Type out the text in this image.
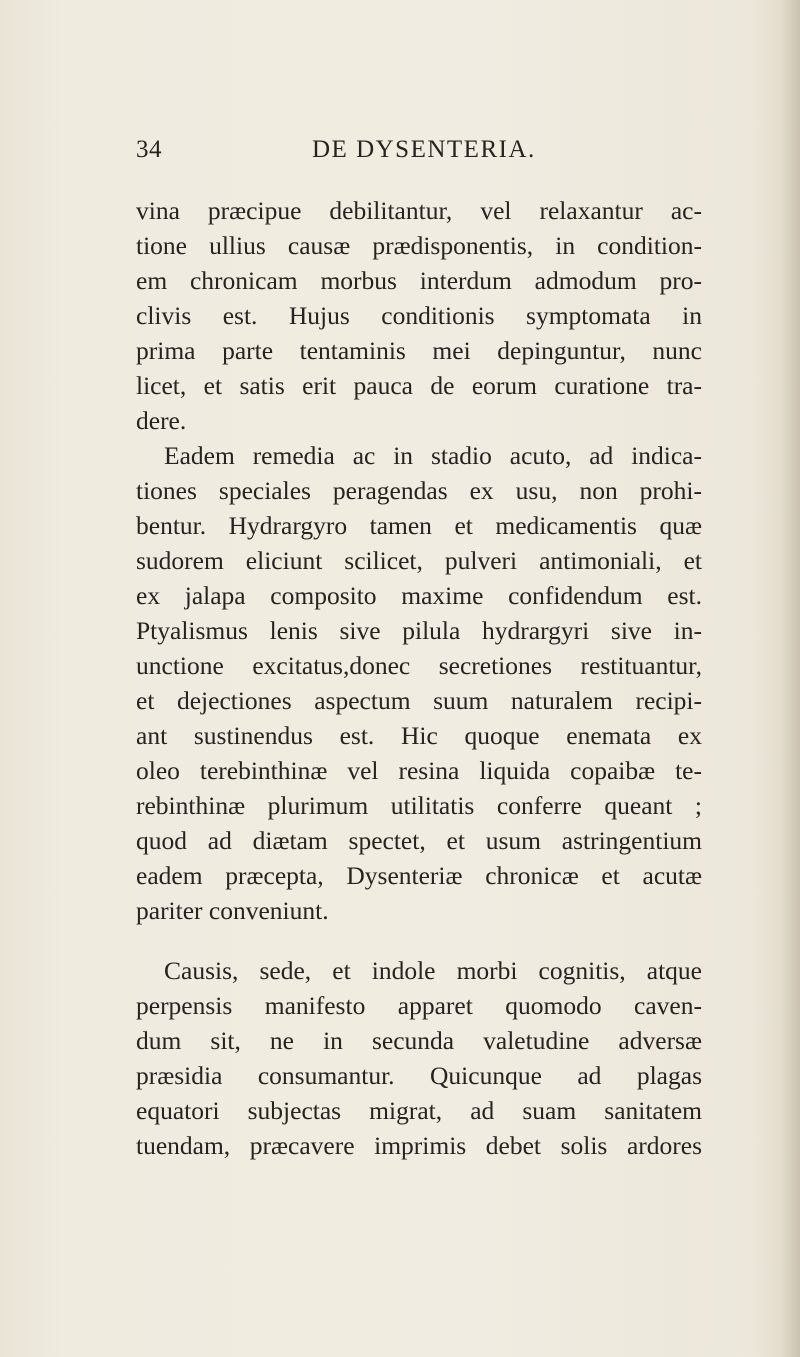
34	DE DYSENTERIA.
vina præcipue debilitantur, vel relaxantur ac-
tione ullius causæ prædisponentis, in condition-
em chronicam morbus interdum admodum pro-
clivis est. Hujus conditionis symptomata in
prima parte tentaminis mei depinguntur, nunc
licet, et satis erit pauca de eorum curatione tra-
dere.
Eadem remedia ac in stadio acuto, ad indica-
tiones speciales peragendas ex usu, non prohi-
bentur. Hydrargyro tamen et medicamentis quæ
sudorem eliciunt scilicet, pulveri antimoniali, et
ex jalapa composito maxime confidendum est.
Ptyalismus lenis sive pilula hydrargyri sive in-
unctione excitatus,donec secretiones restituantur,
et dejectiones aspectum suum naturalem recipi-
ant sustinendus est. Hic quoque enemata ex
oleo terebinthinæ vel resina liquida copaibæ te-
rebinthinæ plurimum utilitatis conferre queant ;
quod ad diætam spectet, et usum astringentium
eadem præcepta, Dysenteriæ chronicæ et acutæ
pariter conveniunt.
Causis, sede, et indole morbi cognitis, atque
perpensis manifesto apparet quomodo caven-
dum sit, ne in secunda valetudine adversæ
præsidia consumantur. Quicunque ad plagas
equatori subjectas migrat, ad suam sanitatem
tuendam, præcavere imprimis debet solis ardores
